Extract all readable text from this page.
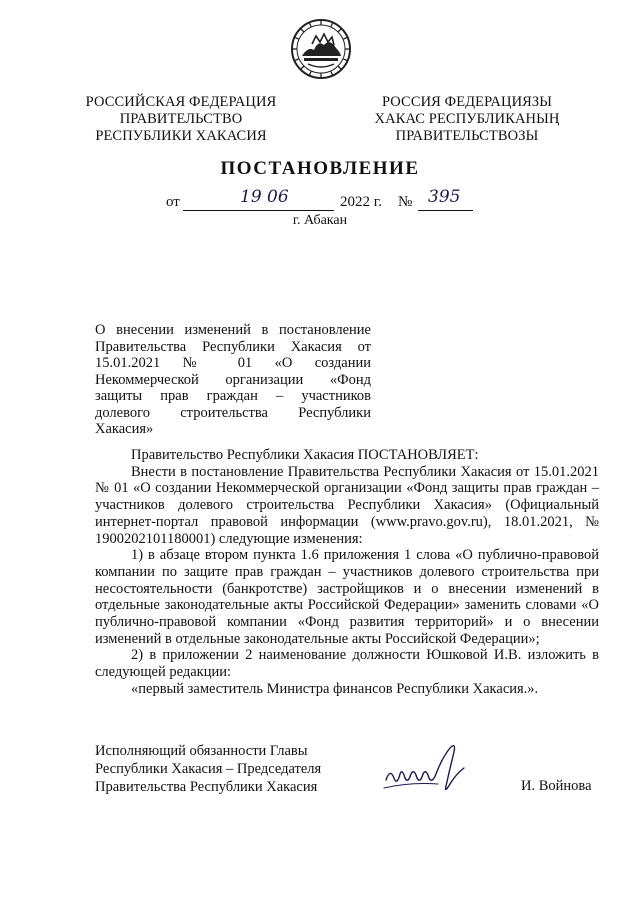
РОССИЙСКАЯ ФЕДЕРАЦИЯ
ПРАВИТЕЛЬСТВО
РЕСПУБЛИКИ ХАКАСИЯ
РОССИЯ ФЕДЕРАЦИЯЗЫ
ХАКАС РЕСПУБЛИКАНЫҢ
ПРАВИТЕЛЬСТВОЗЫ
ПОСТАНОВЛЕНИЕ
от	19 06	2022 г. № 395
г. Абакан
О внесении изменений в постановление Правительства Республики Хакасия от 15.01.2021 № 01 «О создании Некоммерческой организации «Фонд защиты прав граждан – участников долевого строительства Республики Хакасия»

Правительство Республики Хакасия ПОСТАНОВЛЯЕТ:

Внести в постановление Правительства Республики Хакасия от 15.01.2021 № 01 «О создании Некоммерческой организации «Фонд защиты прав граждан – участников долевого строительства Республики Хакасия» (Официальный интернет-портал правовой информации (www.pravo.gov.ru), 18.01.2021, № 1900202101180001) следующие изменения:

1) в абзаце втором пункта 1.6 приложения 1 слова «О публично-правовой компании по защите прав граждан – участников долевого строительства при несостоятельности (банкротстве) застройщиков и о внесении изменений в отдельные законодательные акты Российской Федерации» заменить словами «О публично-правовой компании «Фонд развития территорий» и о внесении изменений в отдельные законодательные акты Российской Федерации»;

2) в приложении 2 наименование должности Юшковой И.В. изложить в следующей редакции:

«первый заместитель Министра финансов Республики Хакасия.».

Исполняющий обязанности Главы
Республики Хакасия – Председателя
Правительства Республики Хакасия	И. Войнова
